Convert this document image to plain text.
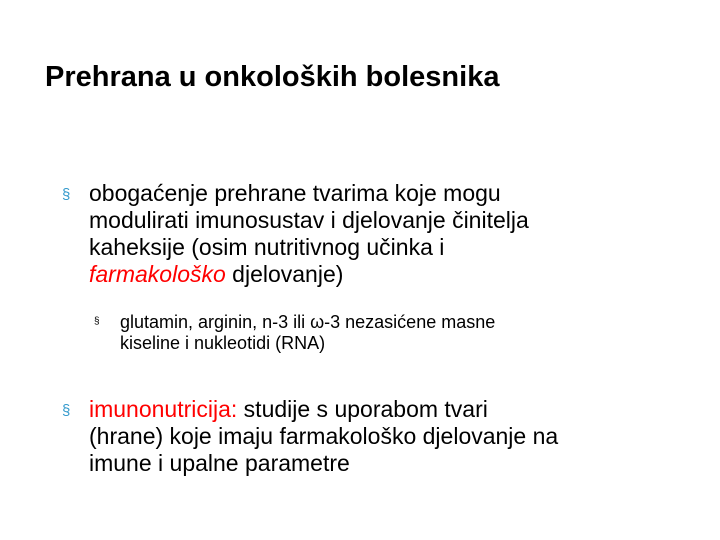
Prehrana u onkoloških bolesnika
§ obogaćenje prehrane tvarima koje mogu
modulirati imunosustav i djelovanje činitelja
kaheksije (osim nutritivnog učinka i
farmakološko djelovanje)
§ glutamin, arginin, n-3 ili ω-3 nezasićene masne
kiseline i nukleotidi (RNA)
§ imunonutricija: studije s uporabom tvari
(hrane) koje imaju farmakološko djelovanje na
imune i upalne parametre
